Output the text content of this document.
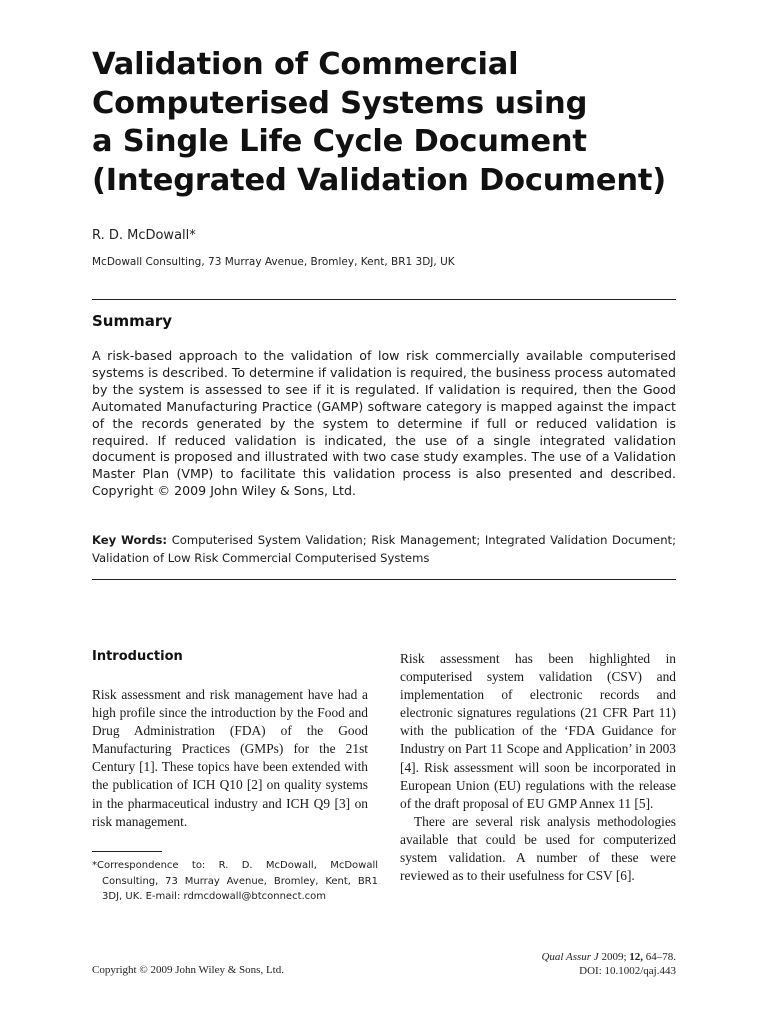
Validation of Commercial
Computerised Systems using
a Single Life Cycle Document
(Integrated Validation Document)
R. D. McDowall*
McDowall Consulting, 73 Murray Avenue, Bromley, Kent, BR1 3DJ, UK
Summary

A risk-based approach to the validation of low risk commercially available computerised systems is described. To determine if validation is required, the business process automated by the system is assessed to see if it is regulated. If validation is required, then the Good Automated Manufacturing Practice (GAMP) software category is mapped against the impact of the records generated by the system to determine if full or reduced validation is required. If reduced validation is indicated, the use of a single integrated validation document is proposed and illustrated with two case study examples. The use of a Validation Master Plan (VMP) to facilitate this validation process is also presented and described. Copyright © 2009 John Wiley & Sons, Ltd.

Key Words: Computerised System Validation; Risk Management; Integrated Validation Document; Validation of Low Risk Commercial Computerised Systems

Introduction

Risk assessment and risk management have had a high profile since the introduction by the Food and Drug Administration (FDA) of the Good Manufacturing Practices (GMPs) for the 21st Century [1]. These topics have been extended with the publication of ICH Q10 [2] on quality systems in the pharmaceutical industry and ICH Q9 [3] on risk management.

Risk assessment has been highlighted in computerised system validation (CSV) and implementation of electronic records and electronic signatures regulations (21 CFR Part 11) with the publication of the ‘FDA Guidance for Industry on Part 11 Scope and Application’ in 2003 [4]. Risk assessment will soon be incorporated in European Union (EU) regulations with the release of the draft proposal of EU GMP Annex 11 [5].

There are several risk analysis methodologies available that could be used for computerized system validation. A number of these were reviewed as to their usefulness for CSV [6].

*Correspondence to: R. D. McDowall, McDowall Consulting, 73 Murray Avenue, Bromley, Kent, BR1 3DJ, UK. E-mail: rdmcdowall@btconnect.com

Copyright © 2009 John Wiley & Sons, Ltd.
Qual Assur J 2009; 12, 64–78.
DOI: 10.1002/qaj.443
